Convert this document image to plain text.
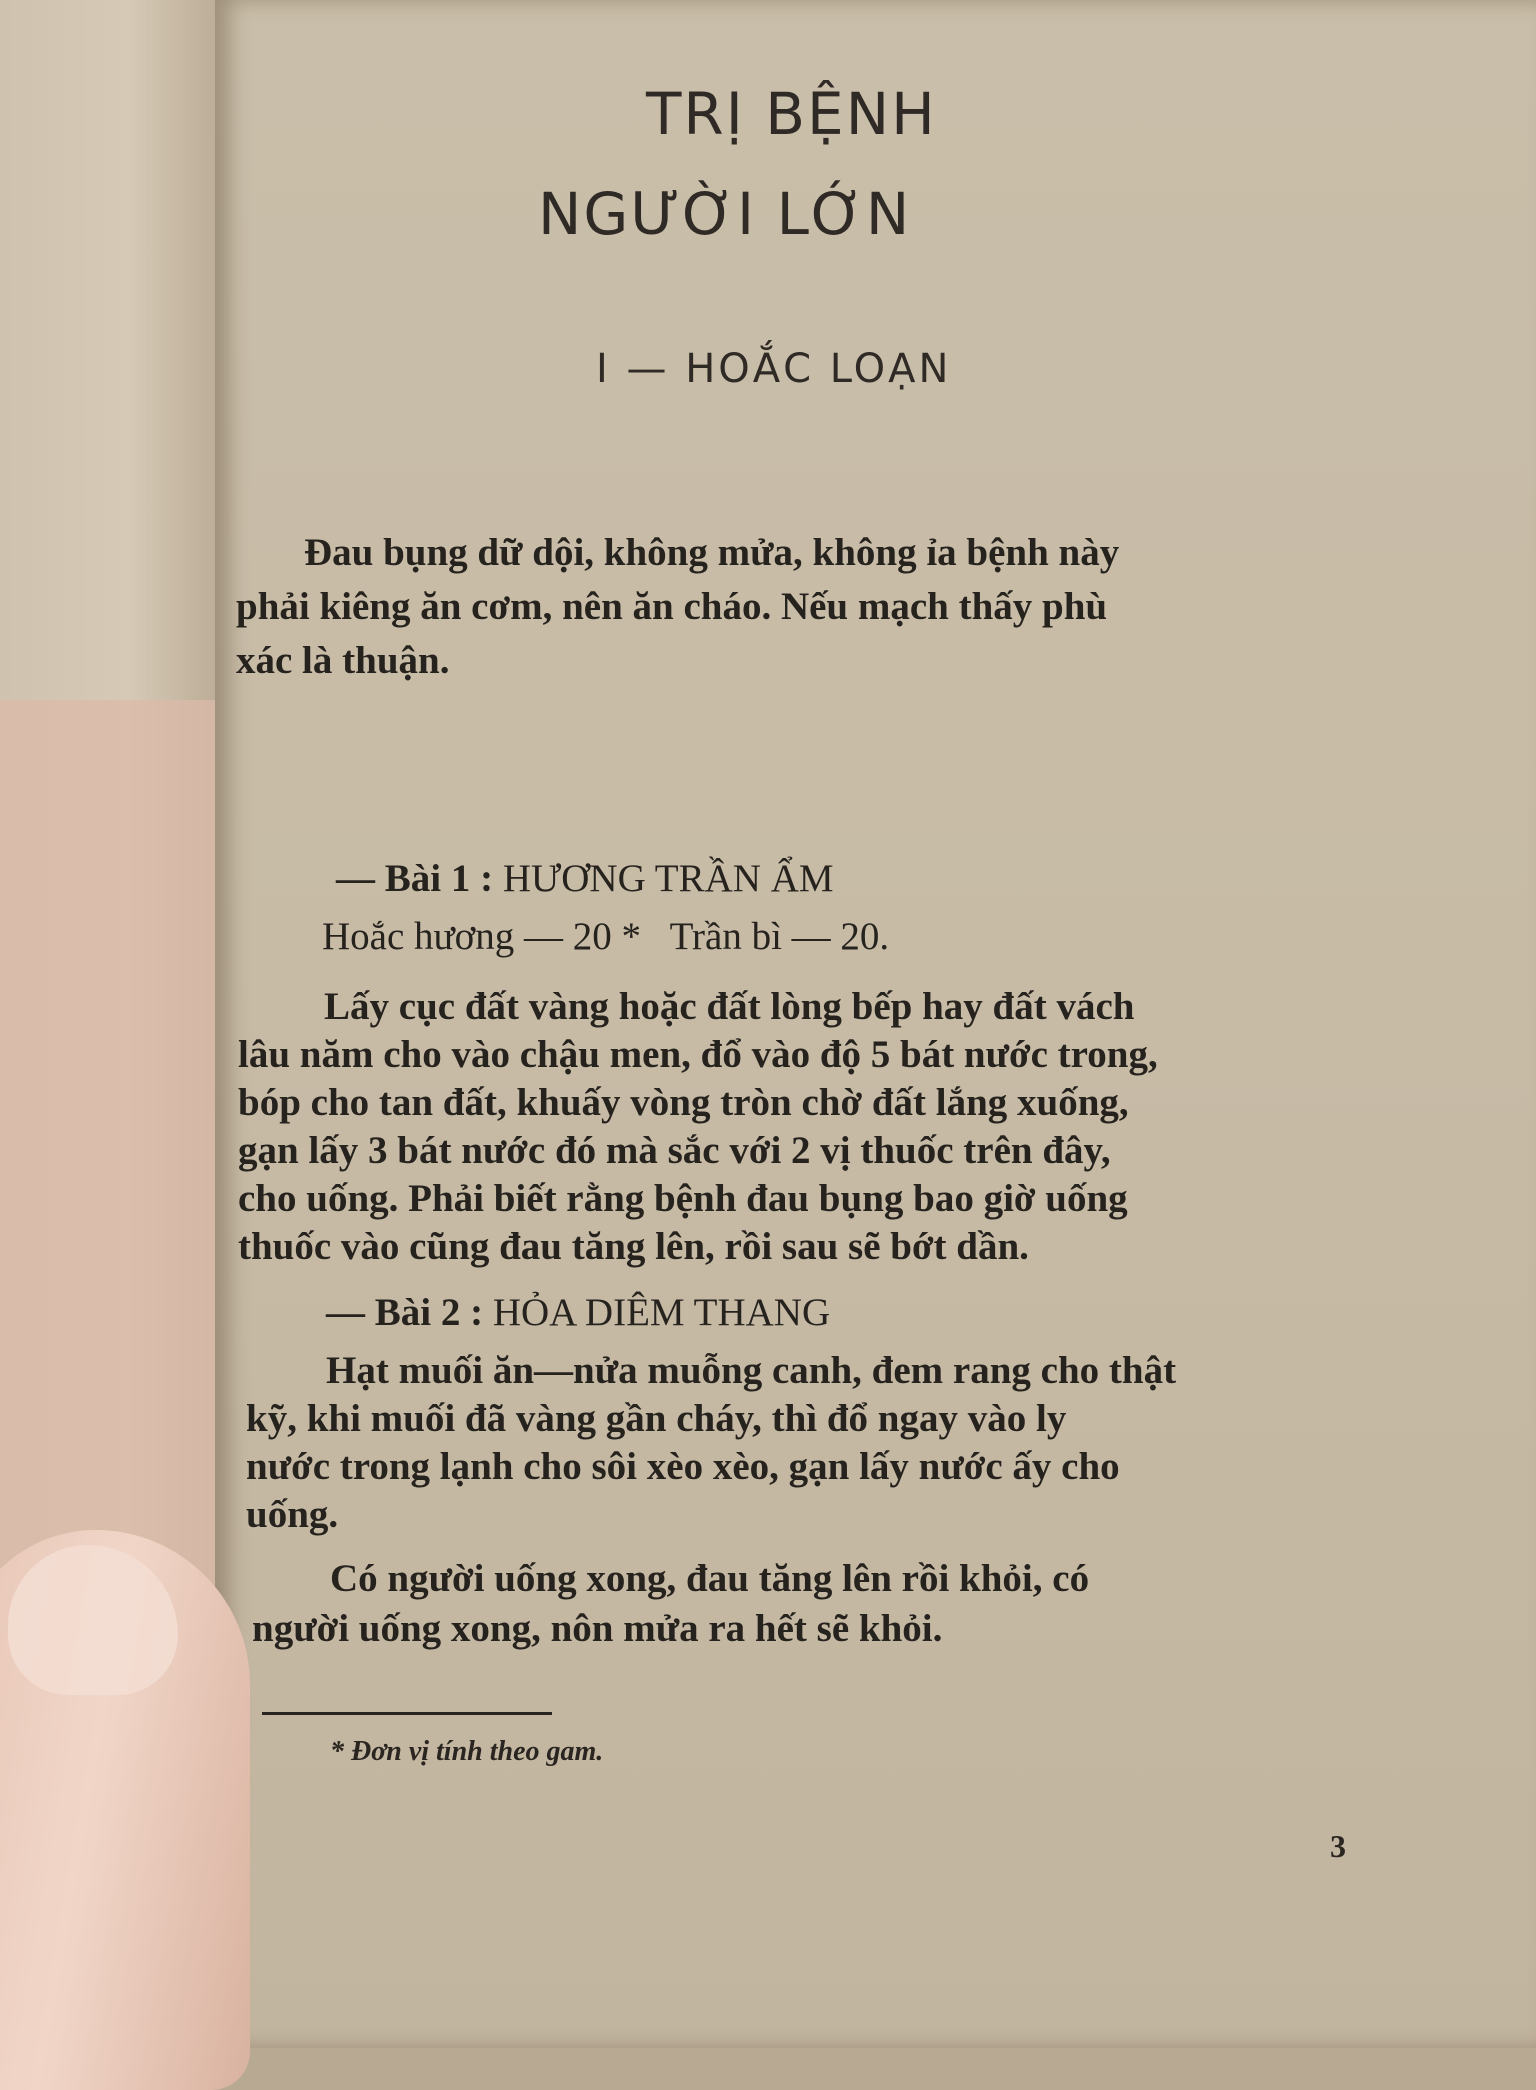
TRỊ BỆNH
NGƯỜI LỚN
I — HOẮC LOẠN
Đau bụng dữ dội, không mửa, không ỉa bệnh này
phải kiêng ăn cơm, nên ăn cháo. Nếu mạch thấy phù
xác là thuận.
— Bài 1 : HƯƠNG TRẦN ẨM
Hoắc hương — 20 *   Trần bì — 20.
Lấy cục đất vàng hoặc đất lòng bếp hay đất vách
lâu năm cho vào chậu men, đổ vào độ 5 bát nước trong,
bóp cho tan đất, khuấy vòng tròn chờ đất lắng xuống,
gạn lấy 3 bát nước đó mà sắc với 2 vị thuốc trên đây,
cho uống. Phải biết rằng bệnh đau bụng bao giờ uống
thuốc vào cũng đau tăng lên, rồi sau sẽ bớt dần.
— Bài 2 : HỎA DIÊM THANG
Hạt muối ăn—nửa muỗng canh, đem rang cho thật
kỹ, khi muối đã vàng gần cháy, thì đổ ngay vào ly
nước trong lạnh cho sôi xèo xèo, gạn lấy nước ấy cho
uống.
Có người uống xong, đau tăng lên rồi khỏi, có
người uống xong, nôn mửa ra hết sẽ khỏi.
* Đơn vị tính theo gam.
3
